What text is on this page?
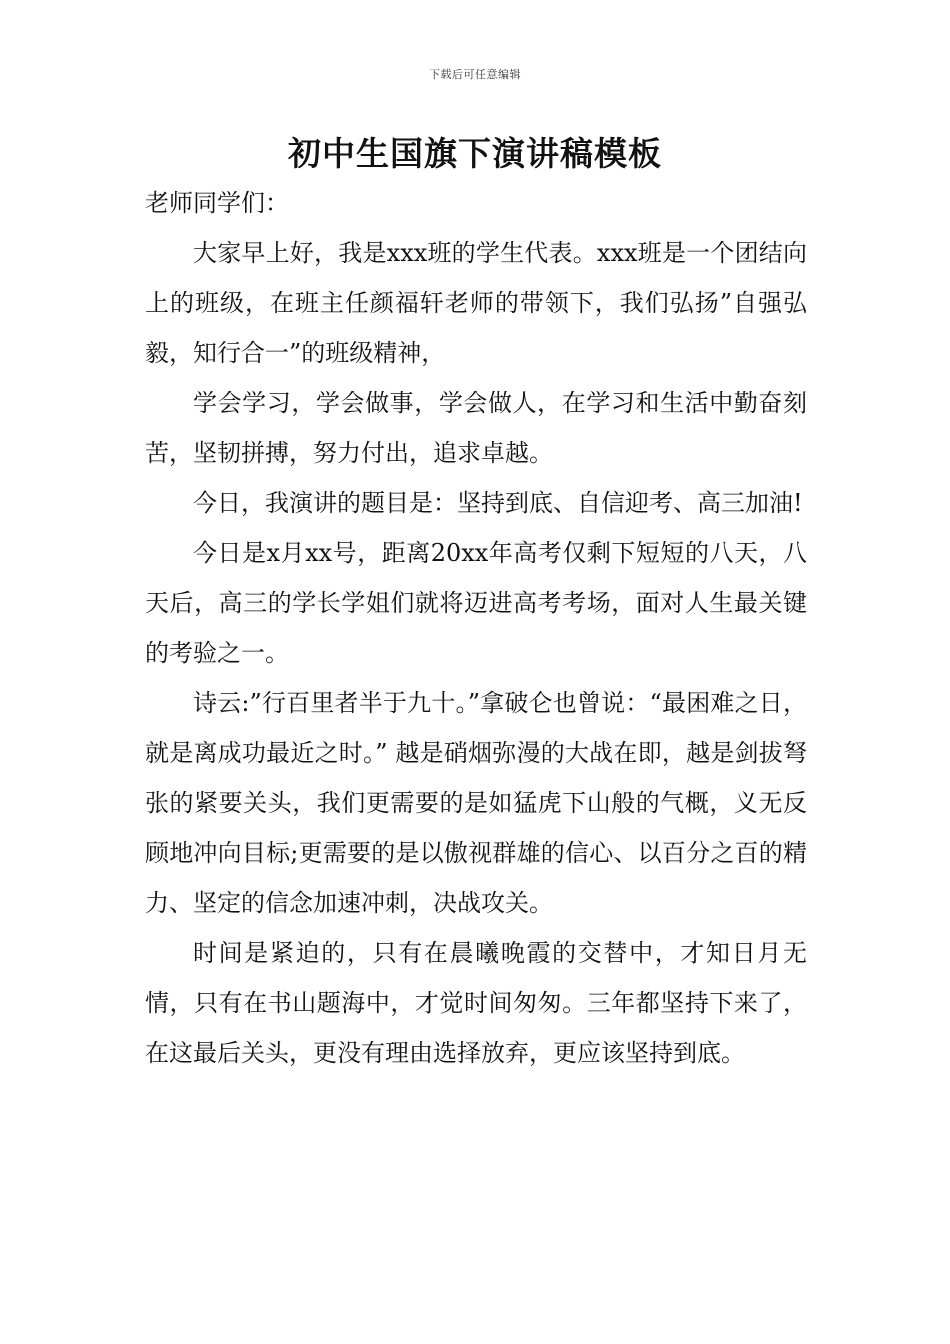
下载后可任意编辑
初中生国旗下演讲稿模板

老师同学们：

大家早上好，我是xxx班的学生代表。xxx班是一个团结向上的班级，在班主任颜福轩老师的带领下，我们弘扬”自强弘毅，知行合一”的班级精神，

学会学习，学会做事，学会做人，在学习和生活中勤奋刻苦，坚韧拼搏，努力付出，追求卓越。

今日，我演讲的题目是：坚持到底、自信迎考、高三加油!

今日是x月xx号，距离20xx年高考仅剩下短短的八天，八天后，高三的学长学姐们就将迈进高考考场，面对人生最关键的考验之一。

诗云:”行百里者半于九十。”拿破仑也曾说：“最困难之日，就是离成功最近之时。” 越是硝烟弥漫的大战在即，越是剑拔弩张的紧要关头，我们更需要的是如猛虎下山般的气概，义无反顾地冲向目标;更需要的是以傲视群雄的信心、以百分之百的精力、坚定的信念加速冲刺，决战攻关。

时间是紧迫的，只有在晨曦晚霞的交替中，才知日月无情，只有在书山题海中，才觉时间匆匆。三年都坚持下来了，在这最后关头，更没有理由选择放弃，更应该坚持到底。
